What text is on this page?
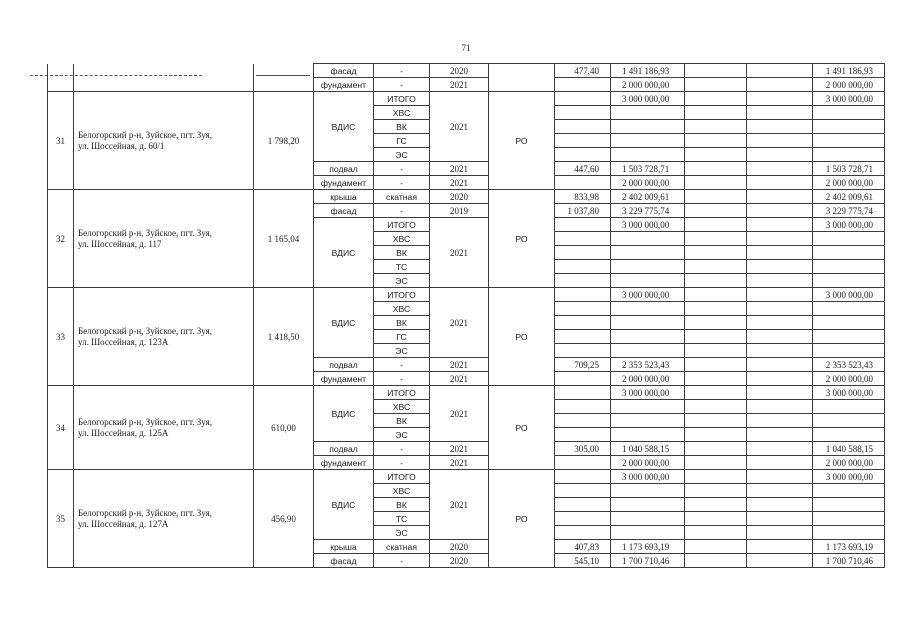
71
			фасад	-	2020		477,40	1 491 186,93			1 491 186,93
			фундамент	-	2021			2 000 000,00			2 000 000,00
31	Белогорский р-н, Зуйское, пгт. Зуя,
ул. Шоссейная, д. 60/1	1 798,20	ВДИС	ИТОГО	2021	РО		3 000 000,00			3 000 000,00
				ХВС							
				ВК							
				ГС							
				ЭС							
			подвал	-	2021		447,60	1 503 728,71			1 503 728,71
			фундамент	-	2021			2 000 000,00			2 000 000,00
32	Белогорский р-н, Зуйское, пгт. Зуя,
ул. Шоссейная, д. 117	1 165,04	крыша	скатная	2020	РО	833,98	2 402 009,61			2 402 009,61
			фасад	-	2019		1 037,80	3 229 775,74			3 229 775,74
			ВДИС	ИТОГО	2021			3 000 000,00			3 000 000,00
				ХВС							
				ВК							
				ТС							
				ЭС							
33	Белогорский р-н, Зуйское, пгт. Зуя,
ул. Шоссейная, д. 123А	1 418,50	ВДИС	ИТОГО	2021	РО		3 000 000,00			3 000 000,00
				ХВС							
				ВК							
				ГС							
				ЭС							
			подвал	-	2021		709,25	2 353 523,43			2 353 523,43
			фундамент	-	2021			2 000 000,00			2 000 000,00
34	Белогорский р-н, Зуйское, пгт. Зуя,
ул. Шоссейная, д. 125А	610,00	ВДИС	ИТОГО	2021	РО		3 000 000,00			3 000 000,00
				ХВС							
				ВК							
				ЭС							
			подвал	-	2021		305,00	1 040 588,15			1 040 588,15
			фундамент	-	2021			2 000 000,00			2 000 000,00
35	Белогорский р-н, Зуйское, пгт. Зуя,
ул. Шоссейная, д. 127А	456,90	ВДИС	ИТОГО	2021	РО		3 000 000,00			3 000 000,00
				ХВС							
				ВК							
				ТС							
				ЭС							
			крыша	скатная	2020		407,83	1 173 693,19			1 173 693,19
			фасад	-	2020		545,10	1 700 710,46			1 700 710,46
